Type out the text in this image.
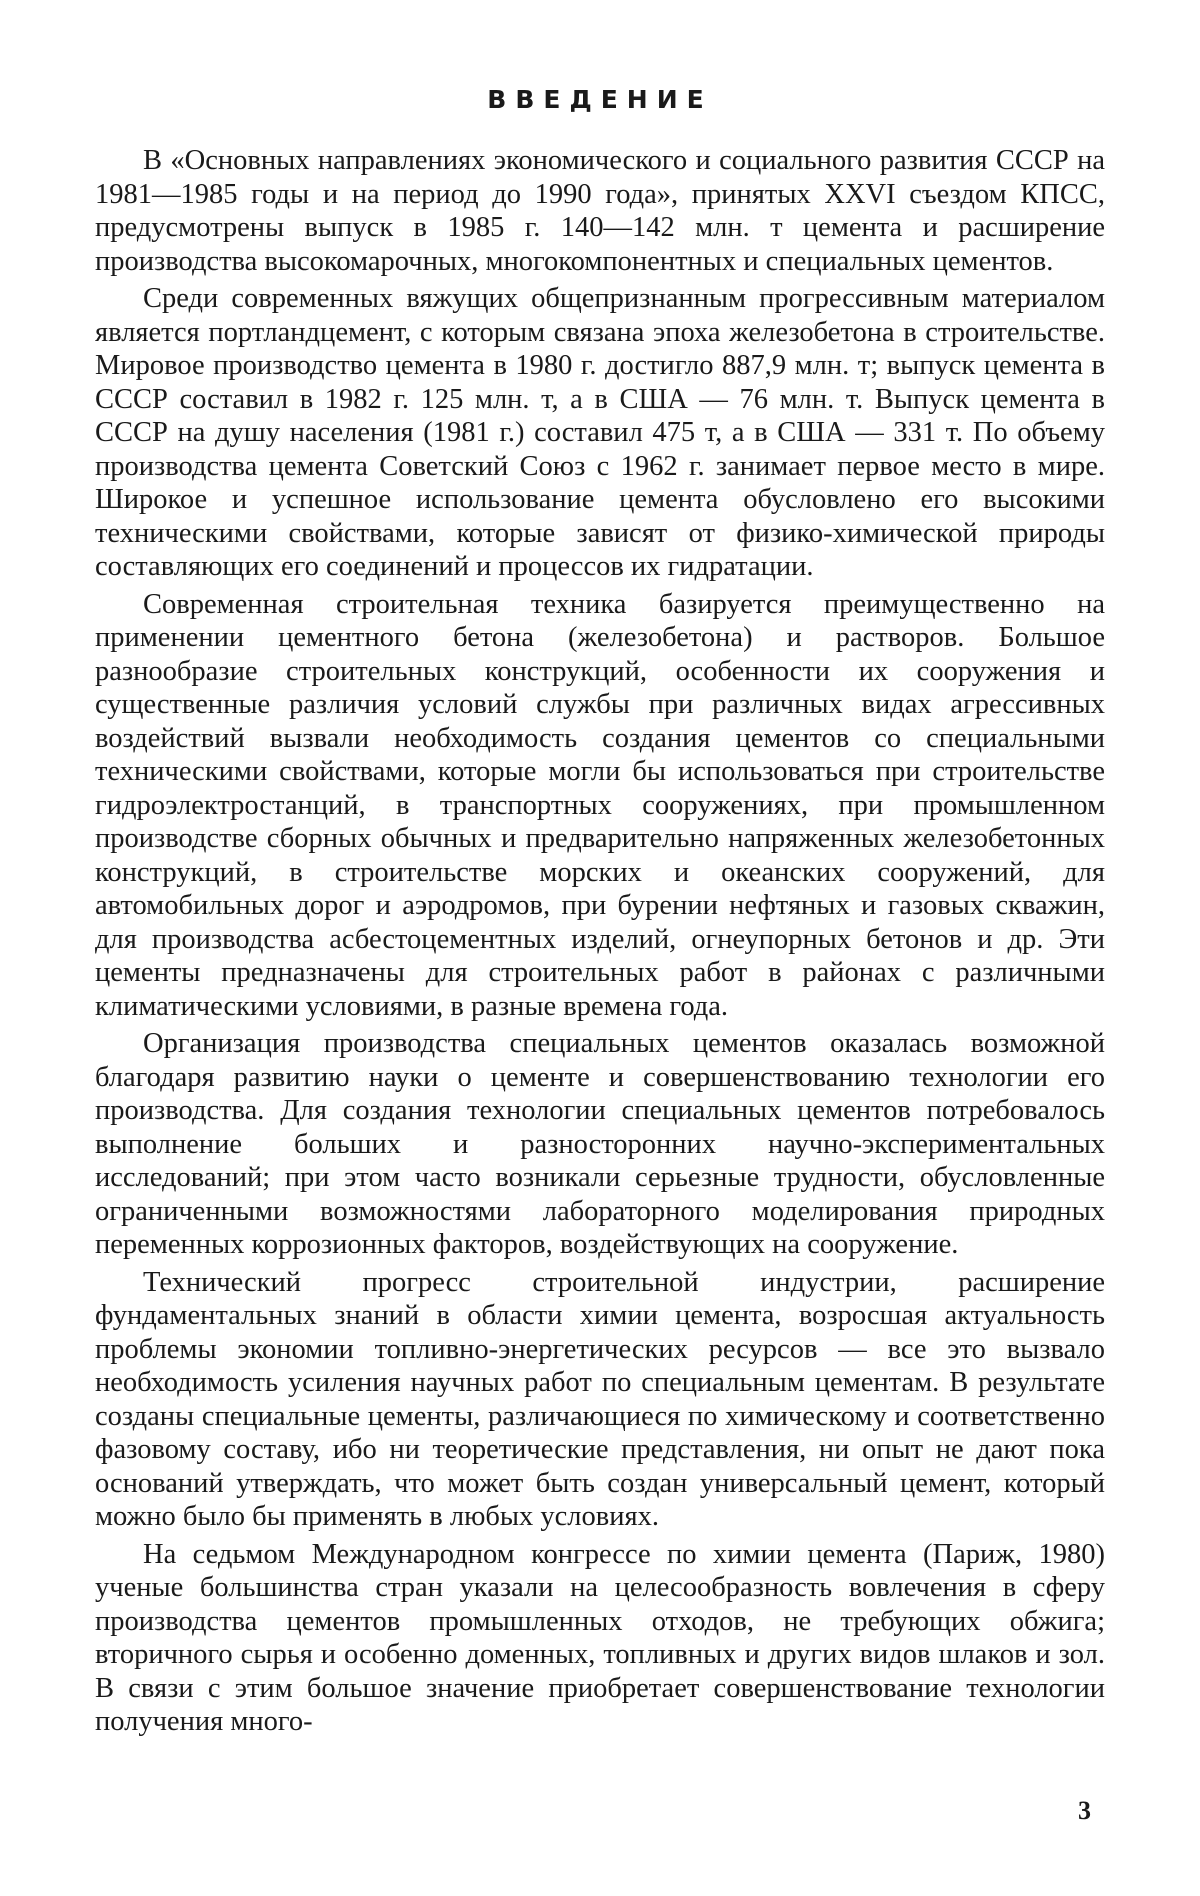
ВВЕДЕНИЕ

В «Основных направлениях экономического и социального развития СССР на 1981—1985 годы и на период до 1990 года», принятых XXVI съездом КПСС, предусмотрены выпуск в 1985 г. 140—142 млн. т цемента и расширение производства высокомарочных, многокомпонентных и специальных цементов.

Среди современных вяжущих общепризнанным прогрессивным материалом является портландцемент, с которым связана эпоха железобетона в строительстве. Мировое производство цемента в 1980 г. достигло 887,9 млн. т; выпуск цемента в СССР составил в 1982 г. 125 млн. т, а в США — 76 млн. т. Выпуск цемента в СССР на душу населения (1981 г.) составил 475 т, а в США — 331 т. По объему производства цемента Советский Союз с 1962 г. занимает первое место в мире. Широкое и успешное использование цемента обусловлено его высокими техническими свойствами, которые зависят от физико-химической природы составляющих его соединений и процессов их гидратации.

Современная строительная техника базируется преимущественно на применении цементного бетона (железобетона) и растворов. Большое разнообразие строительных конструкций, особенности их сооружения и существенные различия условий службы при различных видах агрессивных воздействий вызвали необходимость создания цементов со специальными техническими свойствами, которые могли бы использоваться при строительстве гидроэлектростанций, в транспортных сооружениях, при промышленном производстве сборных обычных и предварительно напряженных железобетонных конструкций, в строительстве морских и океанских сооружений, для автомобильных дорог и аэродромов, при бурении нефтяных и газовых скважин, для производства асбестоцементных изделий, огнеупорных бетонов и др. Эти цементы предназначены для строительных работ в районах с различными климатическими условиями, в разные времена года.

Организация производства специальных цементов оказалась возможной благодаря развитию науки о цементе и совершенствованию технологии его производства. Для создания технологии специальных цементов потребовалось выполнение больших и разносторонних научно-экспериментальных исследований; при этом часто возникали серьезные трудности, обусловленные ограниченными возможностями лабораторного моделирования природных переменных коррозионных факторов, воздействующих на сооружение.

Технический прогресс строительной индустрии, расширение фундаментальных знаний в области химии цемента, возросшая актуальность проблемы экономии топливно-энергетических ресурсов — все это вызвало необходимость усиления научных работ по специальным цементам. В результате созданы специальные цементы, различающиеся по химическому и соответственно фазовому составу, ибо ни теоретические представления, ни опыт не дают пока оснований утверждать, что может быть создан универсальный цемент, который можно было бы применять в любых условиях.

На седьмом Международном конгрессе по химии цемента (Париж, 1980) ученые большинства стран указали на целесообразность вовлечения в сферу производства цементов промышленных отходов, не требующих обжига; вторичного сырья и особенно доменных, топливных и других видов шлаков и зол. В связи с этим большое значение приобретает совершенствование технологии получения много-

3
